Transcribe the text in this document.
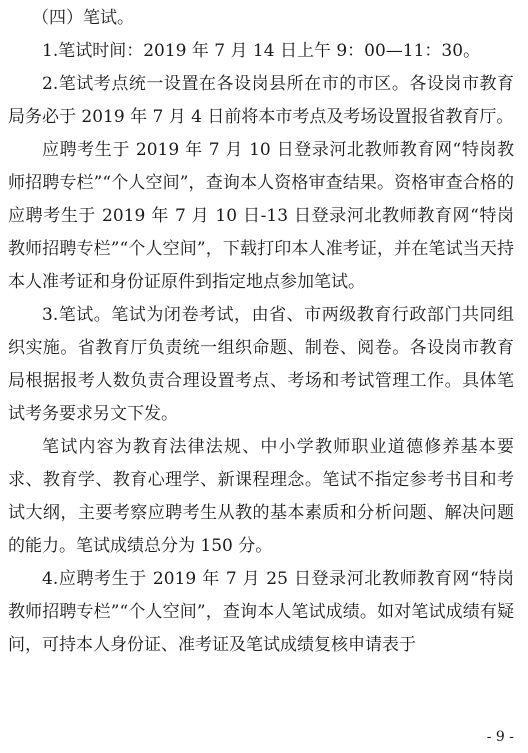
（四）笔试。

1.笔试时间：2019 年 7 月 14 日上午 9：00—11：30。

2.笔试考点统一设置在各设岗县所在市的市区。各设岗市教育局务必于 2019 年 7 月 4 日前将本市考点及考场设置报省教育厅。

应聘考生于 2019 年 7 月 10 日登录河北教师教育网“特岗教师招聘专栏”“个人空间”，查询本人资格审查结果。资格审查合格的应聘考生于 2019 年 7 月 10 日-13 日登录河北教师教育网“特岗教师招聘专栏”“个人空间”，下载打印本人准考证，并在笔试当天持本人准考证和身份证原件到指定地点参加笔试。

3.笔试。笔试为闭卷考试，由省、市两级教育行政部门共同组织实施。省教育厅负责统一组织命题、制卷、阅卷。各设岗市教育局根据报考人数负责合理设置考点、考场和考试管理工作。具体笔试考务要求另文下发。

笔试内容为教育法律法规、中小学教师职业道德修养基本要求、教育学、教育心理学、新课程理念。笔试不指定参考书目和考试大纲，主要考察应聘考生从教的基本素质和分析问题、解决问题的能力。笔试成绩总分为 150 分。

4.应聘考生于 2019 年 7 月 25 日登录河北教师教育网“特岗教师招聘专栏”“个人空间”，查询本人笔试成绩。如对笔试成绩有疑问，可持本人身份证、准考证及笔试成绩复核申请表于

- 9 -
